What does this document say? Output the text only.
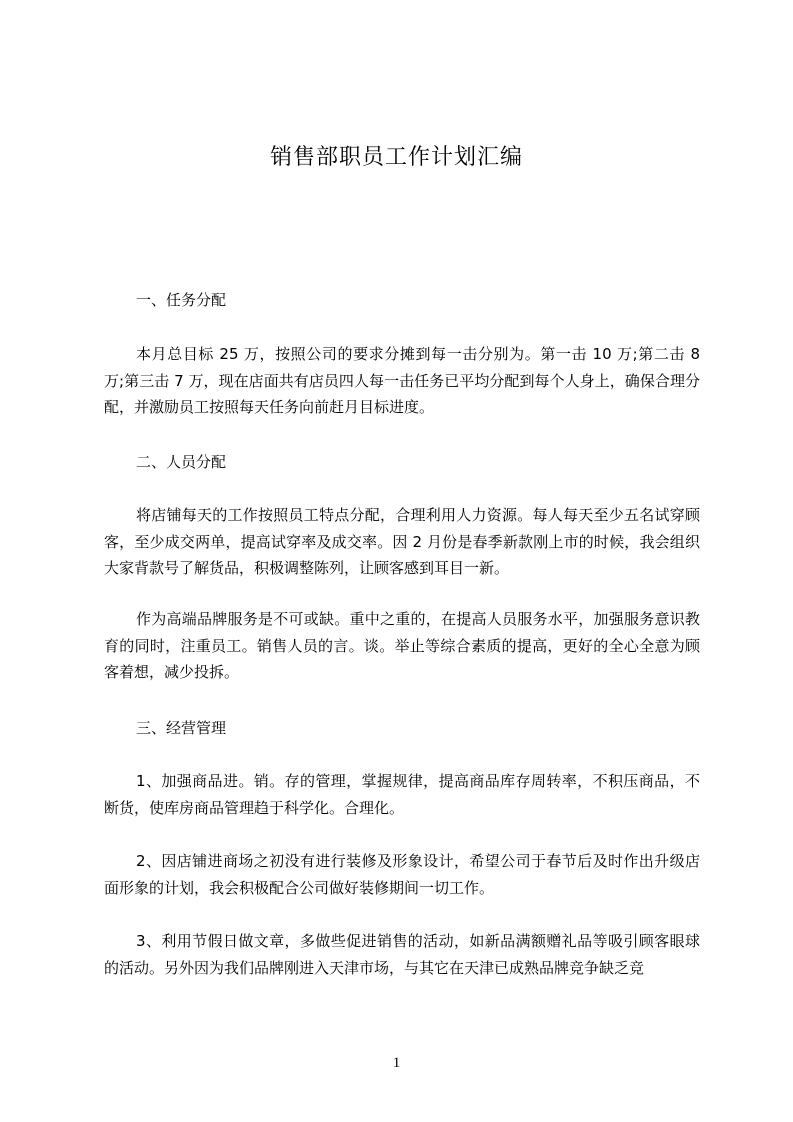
销售部职员工作计划汇编
一、任务分配

本月总目标 25 万，按照公司的要求分摊到每一击分别为。第一击 10 万;第二击 8 万;第三击 7 万，现在店面共有店员四人每一击任务已平均分配到每个人身上，确保合理分配，并激励员工按照每天任务向前赶月目标进度。

二、人员分配

将店铺每天的工作按照员工特点分配，合理利用人力资源。每人每天至少五名试穿顾客，至少成交两单，提高试穿率及成交率。因 2 月份是春季新款刚上市的时候，我会组织大家背款号了解货品，积极调整陈列，让顾客感到耳目一新。

作为高端品牌服务是不可或缺。重中之重的，在提高人员服务水平，加强服务意识教育的同时，注重员工。销售人员的言。谈。举止等综合素质的提高，更好的全心全意为顾客着想，减少投拆。

三、经营管理

1、加强商品进。销。存的管理，掌握规律，提高商品库存周转率，不积压商品，不断货，使库房商品管理趋于科学化。合理化。

2、因店铺进商场之初没有进行装修及形象设计，希望公司于春节后及时作出升级店面形象的计划，我会积极配合公司做好装修期间一切工作。

3、利用节假日做文章，多做些促进销售的活动，如新品满额赠礼品等吸引顾客眼球的活动。另外因为我们品牌刚进入天津市场，与其它在天津已成熟品牌竞争缺乏竞

1
